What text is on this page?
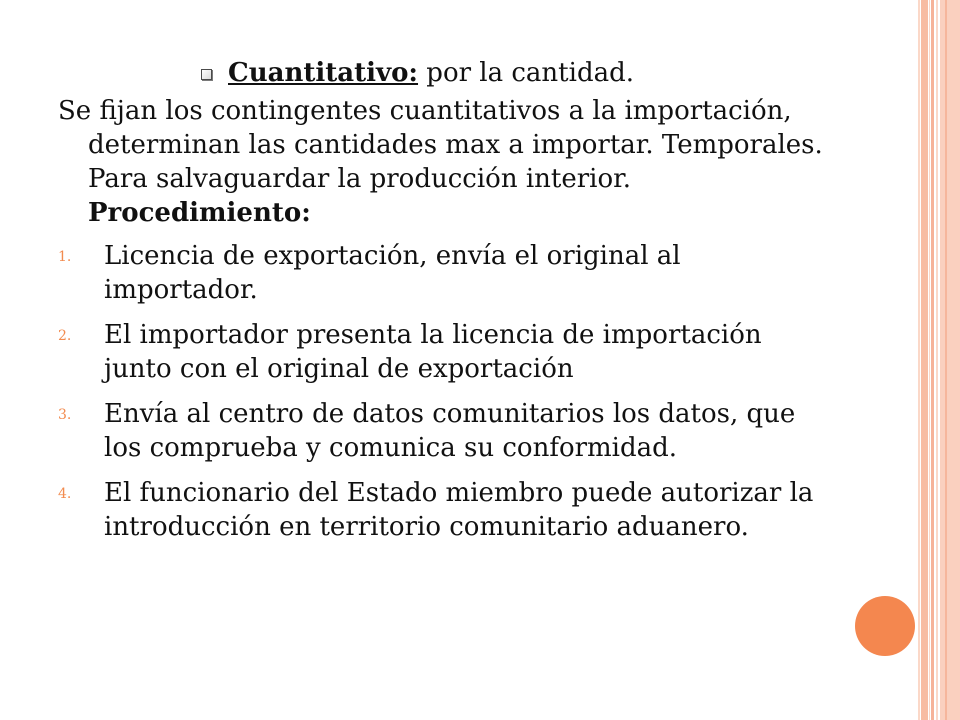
Cuantitativo: por la cantidad.

Se fijan los contingentes cuantitativos a la importación, determinan las cantidades max a importar. Temporales. Para salvaguardar la producción interior. Procedimiento:

1. Licencia de exportación, envía el original al importador.
2. El importador presenta la licencia de importación junto con el original de exportación
3. Envía al centro de datos comunitarios los datos, que los comprueba y comunica su conformidad.
4. El funcionario del Estado miembro puede autorizar la introducción en territorio comunitario aduanero.
